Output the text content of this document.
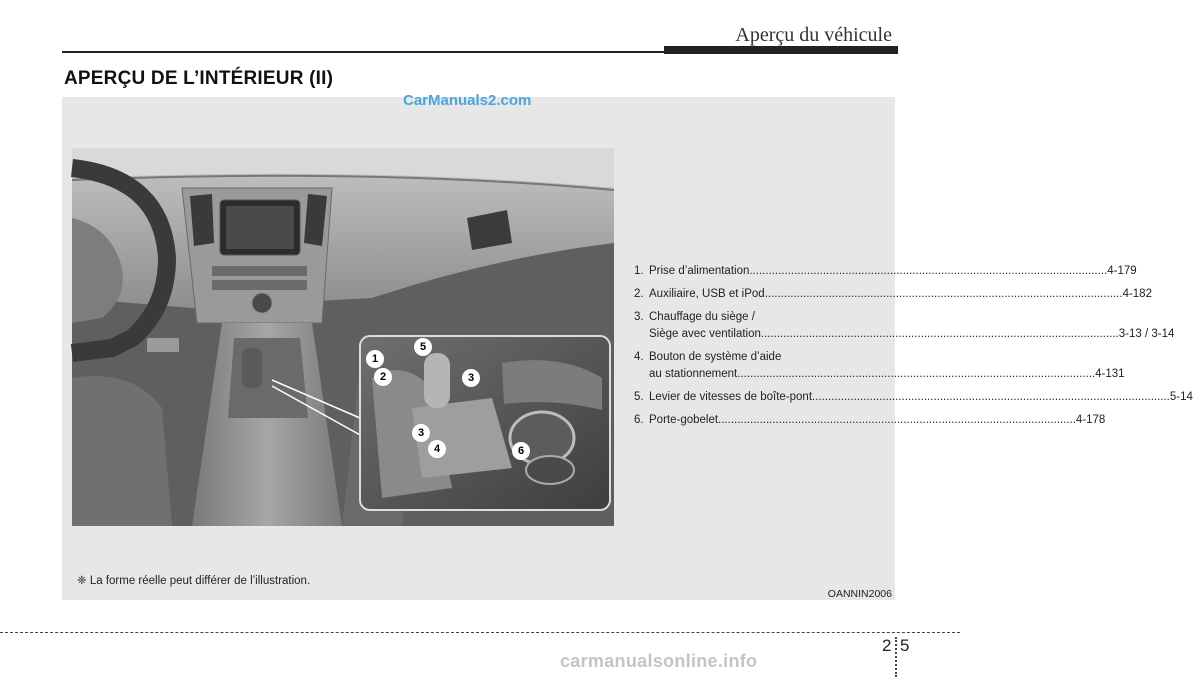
Aperçu du véhicule
APERÇU DE L’INTÉRIEUR (II)
CarManuals2.com
1
2	3
3
4
5
6
1. Prise d’alimentation .....	4-179
2. Auxiliaire, USB et iPod .....	4-182
3. Chauffage du siège /
Siège avec ventilation .....	3-13 / 3-14
4. Bouton de système d’aide
au stationnement .....	4-131
5. Levier de vitesses de boîte-pont .....	5-14
6. Porte-gobelet .....	4-178
❈ La forme réelle peut différer de l’illustration.
OANNIN2006
2 5
carmanualsonline.info
